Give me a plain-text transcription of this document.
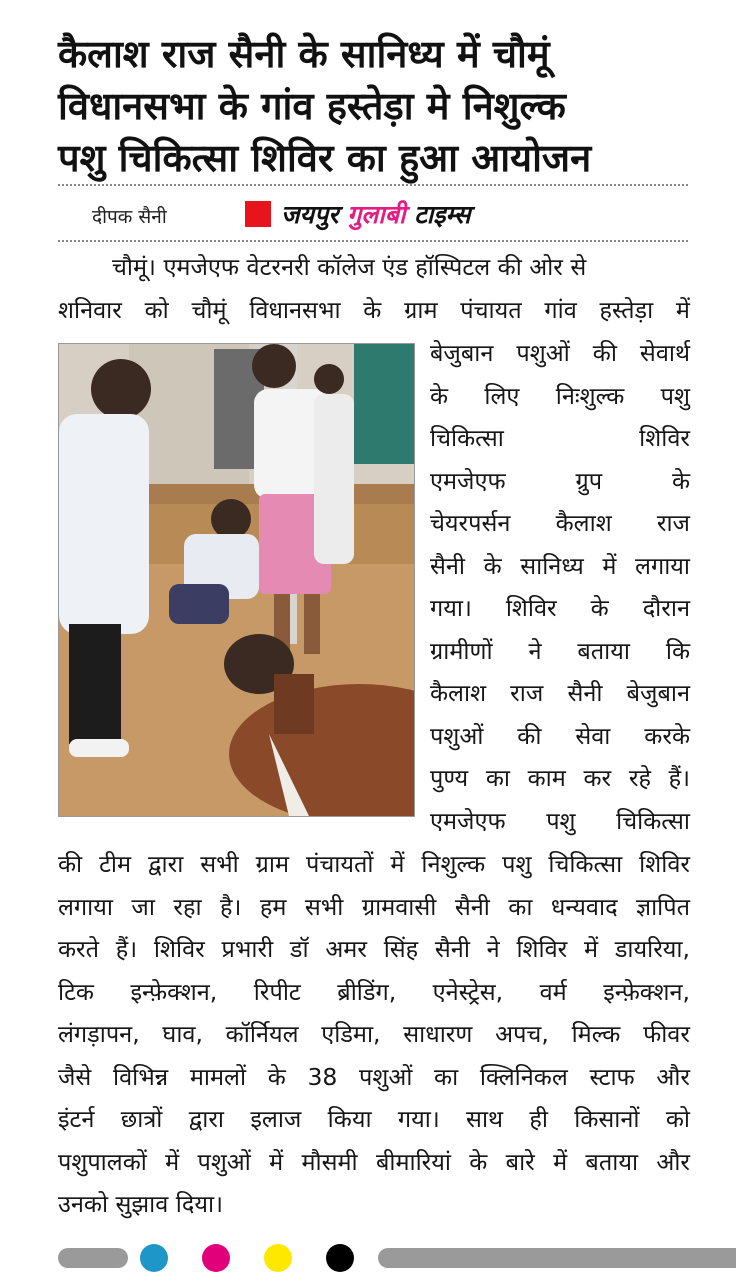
कैलाश राज सैनी के सानिध्य में चौमूं
विधानसभा के गांव हस्तेड़ा मे निशुल्क
पशु चिकित्सा शिविर का हुआ आयोजन
दीपक सैनी	जयपुर गुलाबी टाइम्स
चौमूं। एमजेएफ वेटरनरी कॉलेज एंड हॉस्पिटल की ओर से
शनिवार को चौमूं विधानसभा के ग्राम पंचायत गांव हस्तेड़ा में
बेजुबान पशुओं की सेवार्थ
के लिए निःशुल्क पशु
चिकित्सा शिविर
एमजेएफ ग्रुप के
चेयरपर्सन कैलाश राज
सैनी के सानिध्य में लगाया
गया। शिविर के दौरान
ग्रामीणों ने बताया कि
कैलाश राज सैनी बेजुबान
पशुओं की सेवा करके
पुण्य का काम कर रहे हैं।
एमजेएफ पशु चिकित्सा
की टीम द्वारा सभी ग्राम पंचायतों में निशुल्क पशु चिकित्सा शिविर
लगाया जा रहा है। हम सभी ग्रामवासी सैनी का धन्यवाद ज्ञापित
करते हैं। शिविर प्रभारी डॉ अमर सिंह सैनी ने शिविर में डायरिया,
टिक इन्फ़ेक्शन, रिपीट ब्रीडिंग, एनेस्ट्रेस, वर्म इन्फ़ेक्शन,
लंगड़ापन, घाव, कॉर्नियल एडिमा, साधारण अपच, मिल्क फीवर
जैसे विभिन्न मामलों के 38 पशुओं का क्लिनिकल स्टाफ और
इंटर्न छात्रों द्वारा इलाज किया गया। साथ ही किसानों को
पशुपालकों में पशुओं में मौसमी बीमारियां के बारे में बताया और
उनको सुझाव दिया।
